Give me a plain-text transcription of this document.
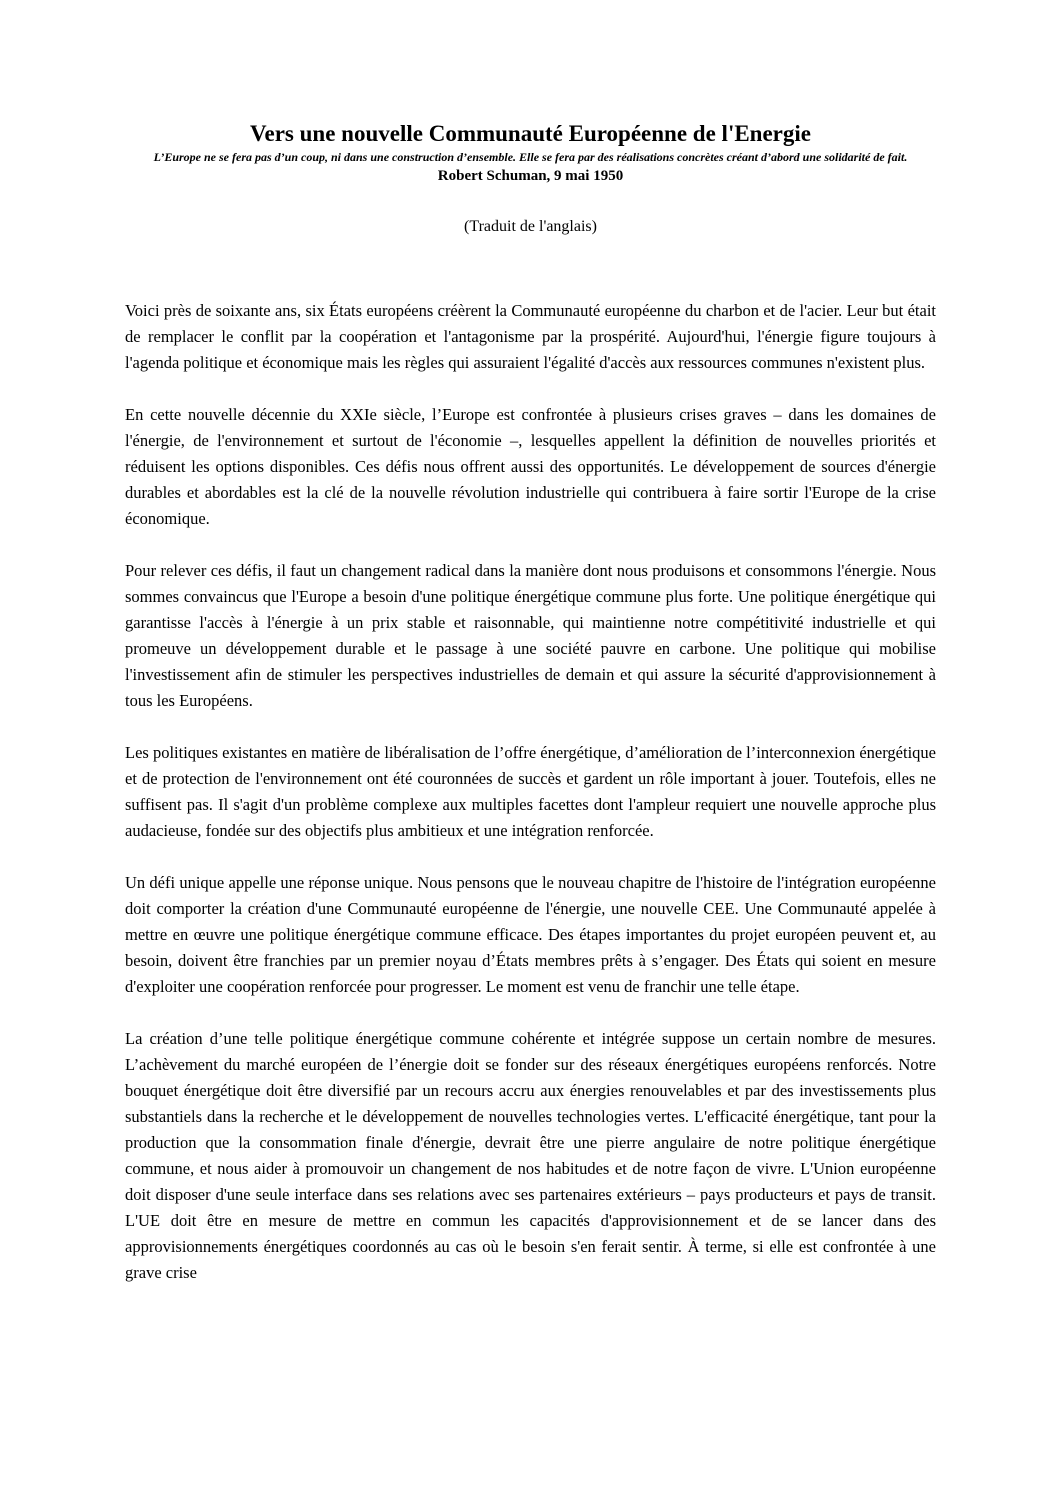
Vers une nouvelle Communauté Européenne de l'Energie

L’Europe ne se fera pas d’un coup, ni dans une construction d’ensemble. Elle se fera par des réalisations concrètes créant d’abord une solidarité de fait.

Robert Schuman, 9 mai 1950

(Traduit de l'anglais)

Voici près de soixante ans, six États européens créèrent la Communauté européenne du charbon et de l'acier. Leur but était de remplacer le conflit par la coopération et l'antagonisme par la prospérité. Aujourd'hui, l'énergie figure toujours à l'agenda politique et économique mais les règles qui assuraient l'égalité d'accès aux ressources communes n'existent plus.

En cette nouvelle décennie du XXIe siècle, l’Europe est confrontée à plusieurs crises graves – dans les domaines de l'énergie, de l'environnement et surtout de l'économie –, lesquelles appellent la définition de nouvelles priorités et réduisent les options disponibles. Ces défis nous offrent aussi des opportunités. Le développement de sources d'énergie durables et abordables est la clé de la nouvelle révolution industrielle qui contribuera à faire sortir l'Europe de la crise économique.

Pour relever ces défis, il faut un changement radical dans la manière dont nous produisons et consommons l'énergie. Nous sommes convaincus que l'Europe a besoin d'une politique énergétique commune plus forte. Une politique énergétique qui garantisse l'accès à l'énergie à un prix stable et raisonnable, qui maintienne notre compétitivité industrielle et qui promeuve un développement durable et le passage à une société pauvre en carbone. Une politique qui mobilise l'investissement afin de stimuler les perspectives industrielles de demain et qui assure la sécurité d'approvisionnement à tous les Européens.

Les politiques existantes en matière de libéralisation de l’offre énergétique, d’amélioration de l’interconnexion énergétique et de protection de l'environnement ont été couronnées de succès et gardent un rôle important à jouer. Toutefois, elles ne suffisent pas. Il s'agit d'un problème complexe aux multiples facettes dont l'ampleur requiert une nouvelle approche plus audacieuse, fondée sur des objectifs plus ambitieux et une intégration renforcée.

Un défi unique appelle une réponse unique. Nous pensons que le nouveau chapitre de l'histoire de l'intégration européenne doit comporter la création d'une Communauté européenne de l'énergie, une nouvelle CEE. Une Communauté appelée à mettre en œuvre une politique énergétique commune efficace. Des étapes importantes du projet européen peuvent et, au besoin, doivent être franchies par un premier noyau d’États membres prêts à s’engager. Des États qui soient en mesure d'exploiter une coopération renforcée pour progresser. Le moment est venu de franchir une telle étape.

La création d’une telle politique énergétique commune cohérente et intégrée suppose un certain nombre de mesures. L’achèvement du marché européen de l’énergie doit se fonder sur des réseaux énergétiques européens renforcés. Notre bouquet énergétique doit être diversifié par un recours accru aux énergies renouvelables et par des investissements plus substantiels dans la recherche et le développement de nouvelles technologies vertes. L'efficacité énergétique, tant pour la production que la consommation finale d'énergie, devrait être une pierre angulaire de notre politique énergétique commune, et nous aider à promouvoir un changement de nos habitudes et de notre façon de vivre. L'Union européenne doit disposer d'une seule interface dans ses relations avec ses partenaires extérieurs – pays producteurs et pays de transit. L'UE doit être en mesure de mettre en commun les capacités d'approvisionnement et de se lancer dans des approvisionnements énergétiques coordonnés au cas où le besoin s'en ferait sentir. À terme, si elle est confrontée à une grave crise
